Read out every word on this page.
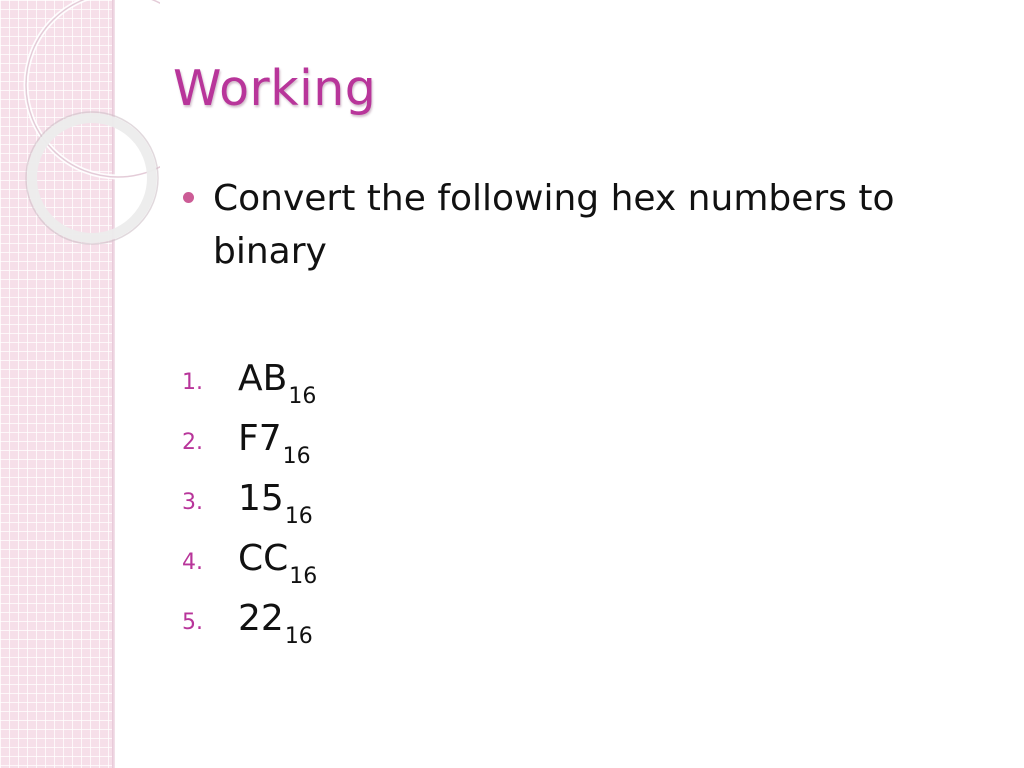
Working
Convert the following hex numbers to binary
1. $AB_{16}$
2. $F7_{16}$
3. $15_{16}$
4. $CC_{16}$
5. $22_{16}$
